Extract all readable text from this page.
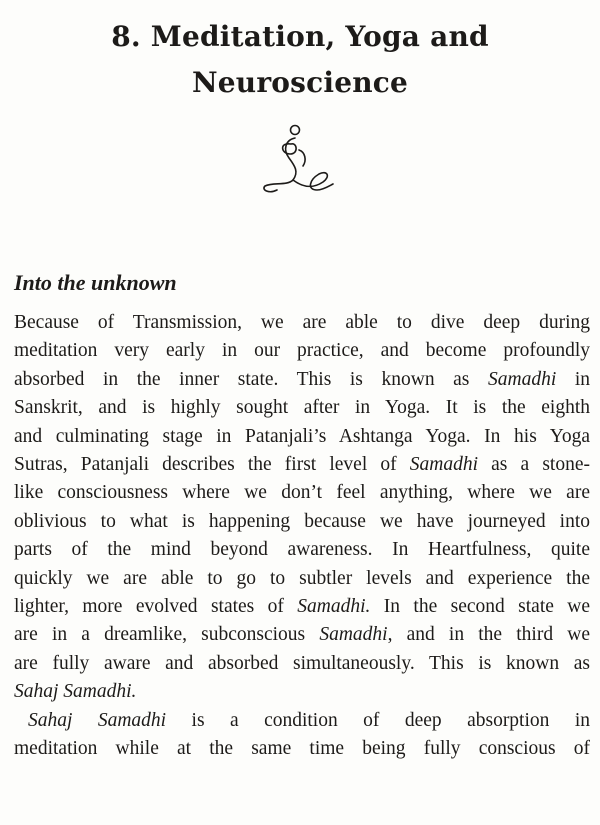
8. Meditation, Yoga and
Neuroscience
Into the unknown
Because of Transmission, we are able to dive deep during
meditation very early in our practice, and become profoundly
absorbed in the inner state. This is known as Samadhi in
Sanskrit, and is highly sought after in Yoga. It is the eighth
and culminating stage in Patanjali’s Ashtanga Yoga. In his Yoga
Sutras, Patanjali describes the first level of Samadhi as a stone-
like consciousness where we don’t feel anything, where we are
oblivious to what is happening because we have journeyed into
parts of the mind beyond awareness. In Heartfulness, quite
quickly we are able to go to subtler levels and experience the
lighter, more evolved states of Samadhi. In the second state we
are in a dreamlike, subconscious Samadhi, and in the third we
are fully aware and absorbed simultaneously. This is known as
Sahaj Samadhi.
Sahaj Samadhi is a condition of deep absorption in
meditation while at the same time being fully conscious of
